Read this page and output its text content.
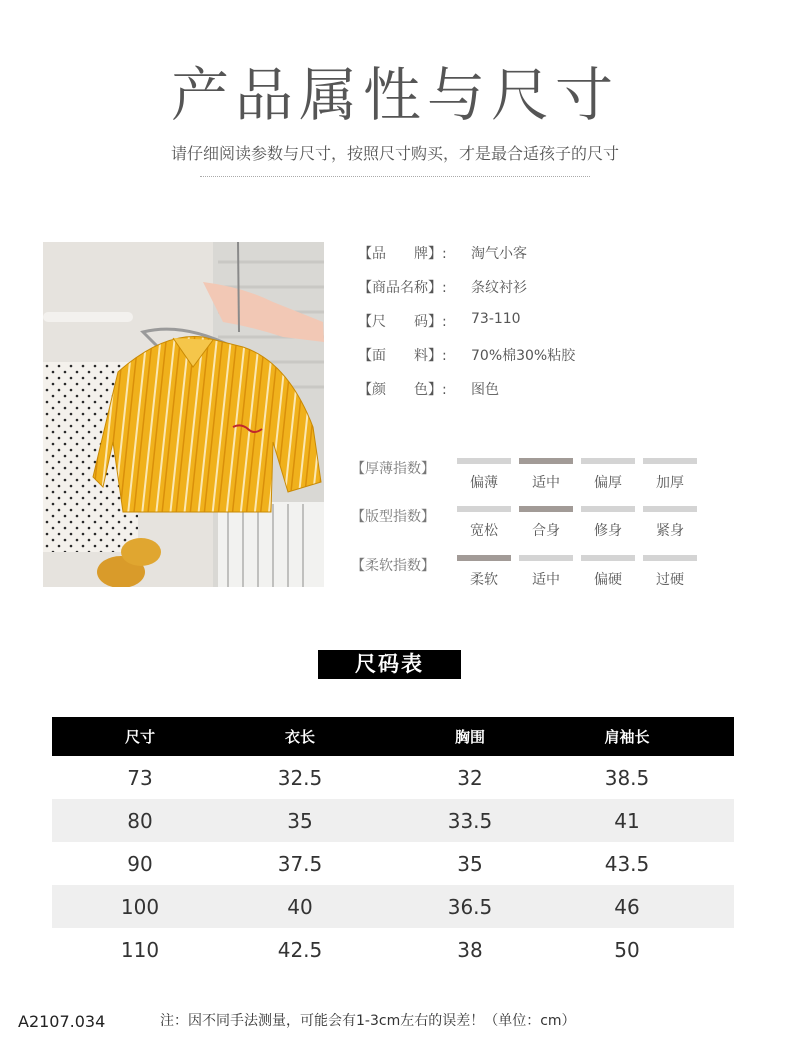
产品属性与尺寸
请仔细阅读参数与尺寸，按照尺寸购买，才是最合适孩子的尺寸
【品　　牌】:	淘气小客
【商品名称】:	条纹衬衫
【尺　　码】:	73-110
【面　　料】:	70%棉30%粘胶
【颜　　色】:	图色
【厚薄指数】
偏薄	适中	偏厚	加厚
【版型指数】
宽松	合身	修身	紧身
【柔软指数】
柔软	适中	偏硬	过硬
尺码表
尺寸	衣长	胸围	肩袖长
73	32.5	32	38.5
80	35	33.5	41
90	37.5	35	43.5
100	40	36.5	46
110	42.5	38	50
A2107.034	注：因不同手法测量，可能会有1-3cm左右的误差！（单位：cm）
